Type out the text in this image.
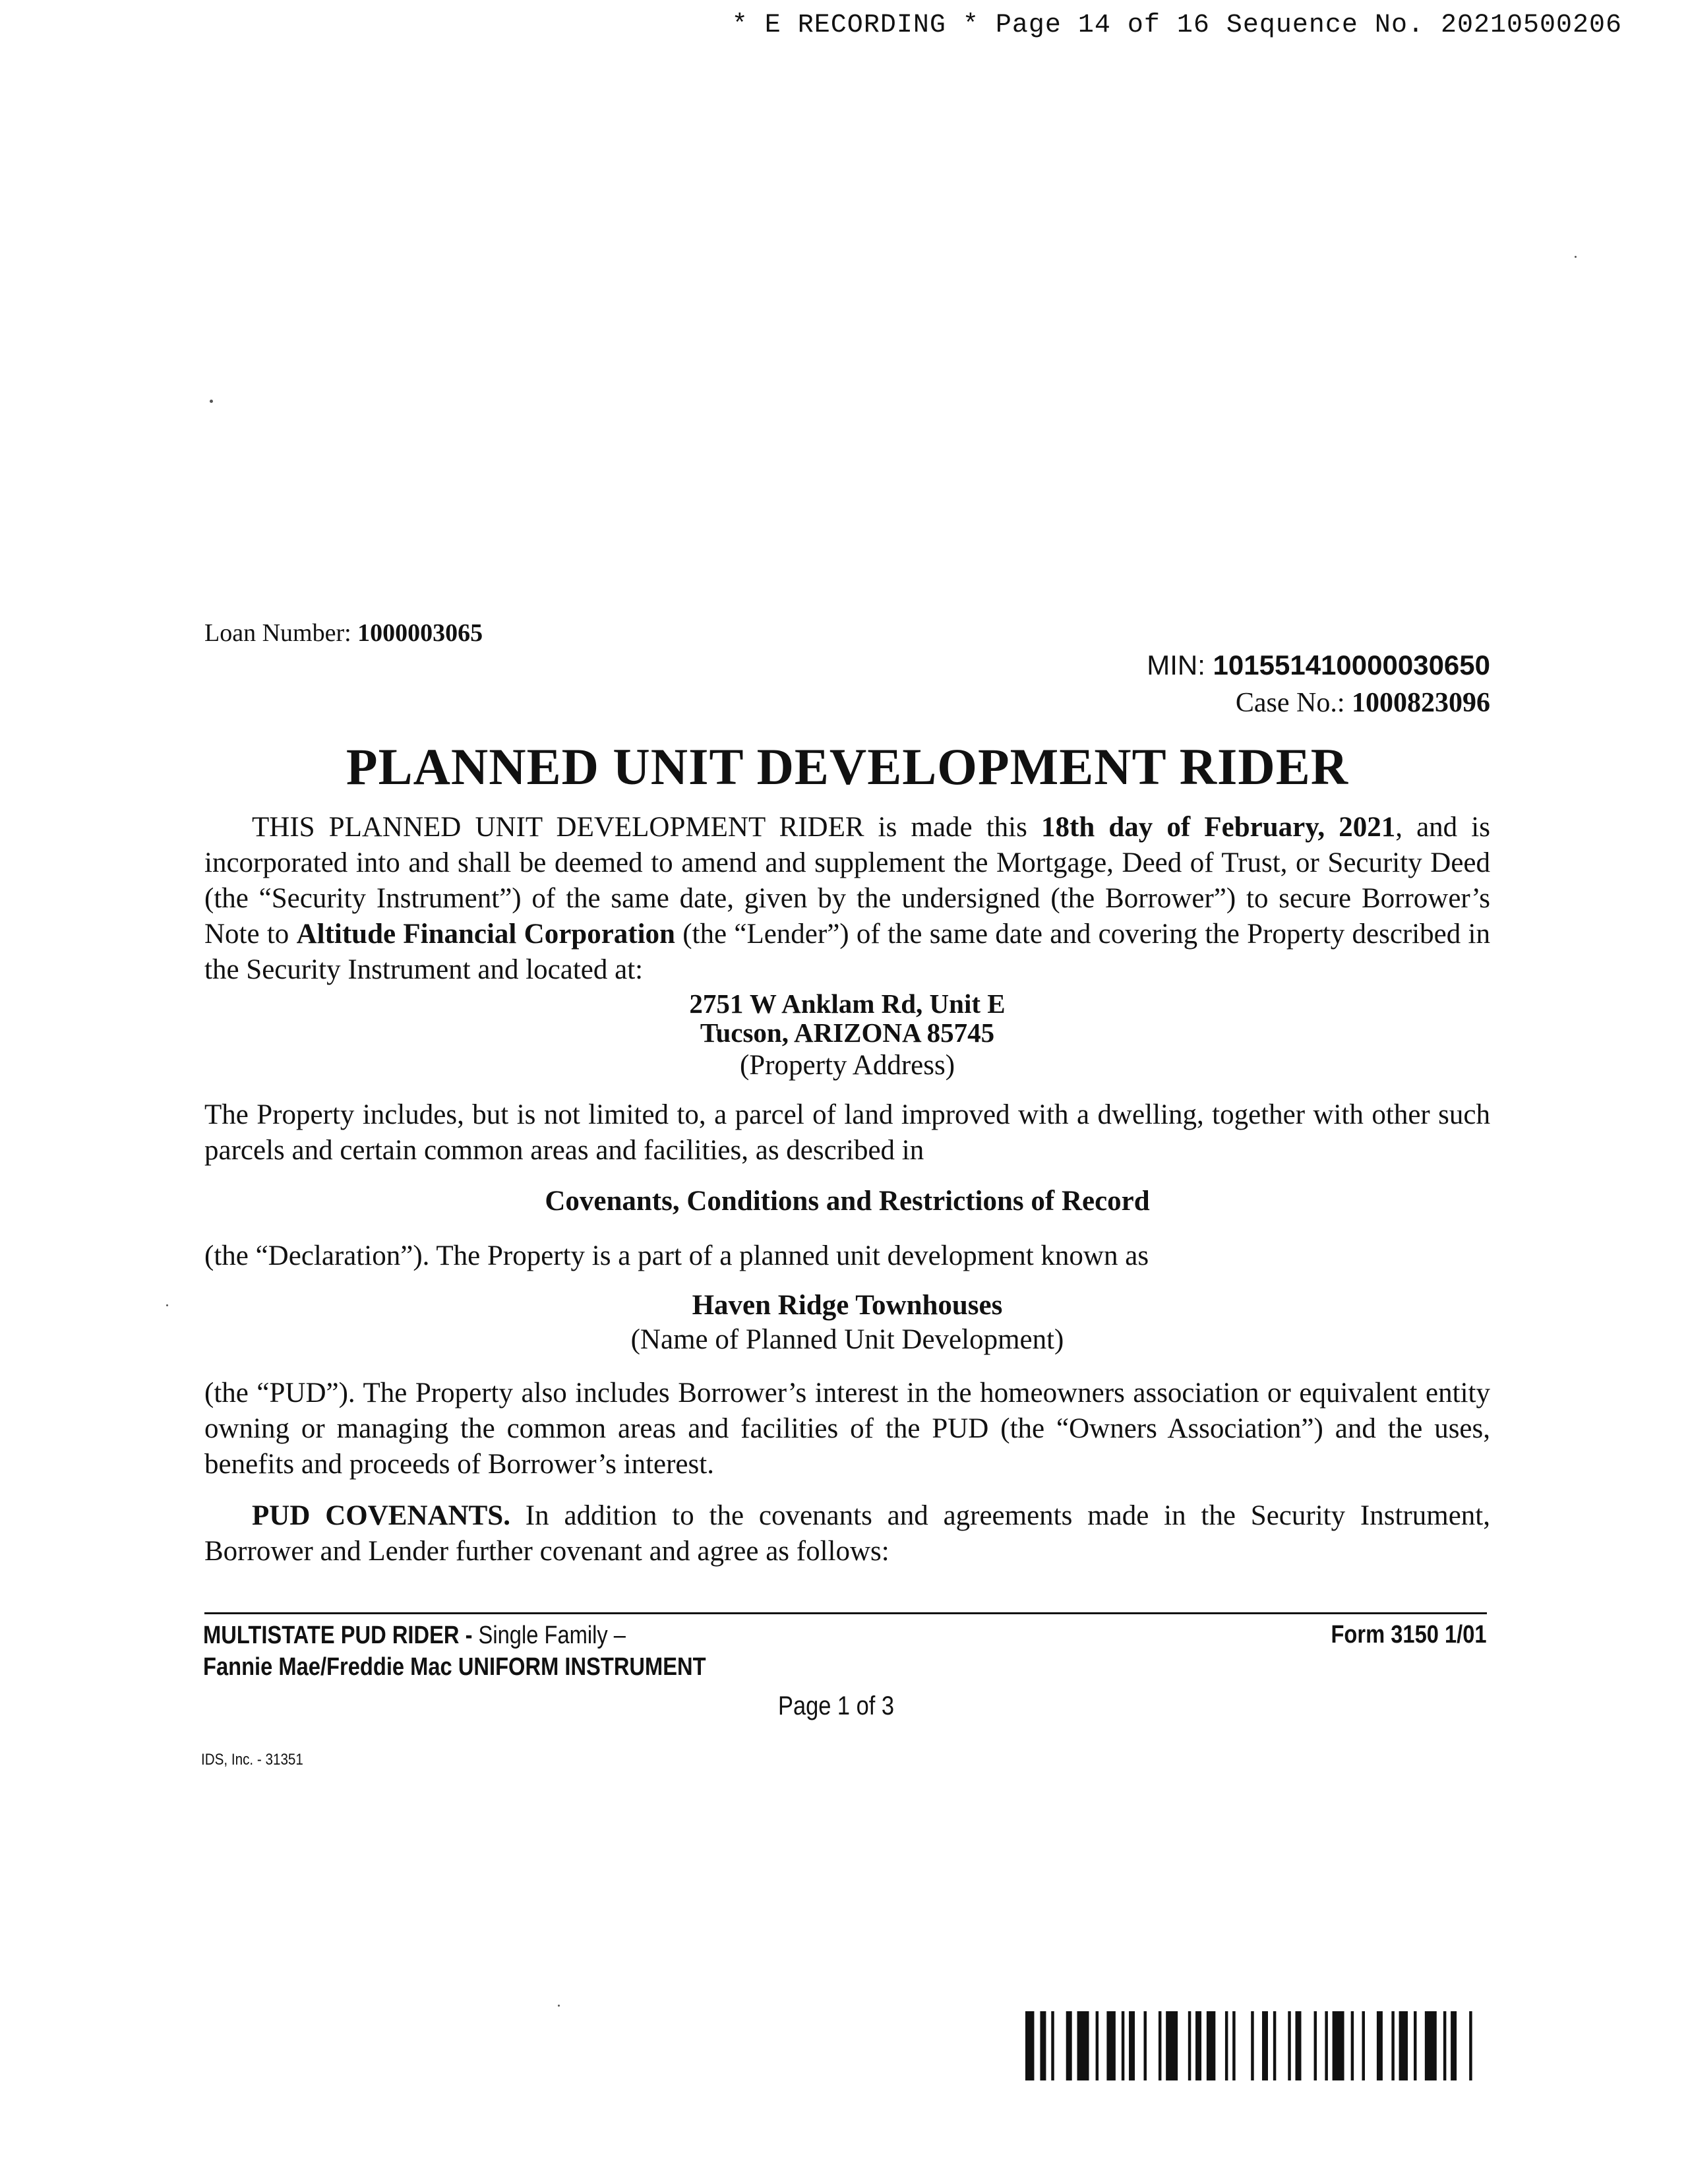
* E RECORDING * Page 14 of 16 Sequence No. 20210500206
Loan Number: 1000003065
MIN: 101551410000030650
Case No.: 1000823096
PLANNED UNIT DEVELOPMENT RIDER

THIS PLANNED UNIT DEVELOPMENT RIDER is made this 18th day of February, 2021, and is incorporated into and shall be deemed to amend and supplement the Mortgage, Deed of Trust, or Security Deed (the “Security Instrument”) of the same date, given by the undersigned (the Borrower”) to secure Borrower’s Note to Altitude Financial Corporation (the “Lender”) of the same date and covering the Property described in the Security Instrument and located at:

2751 W Anklam Rd, Unit E
Tucson, ARIZONA 85745
(Property Address)

The Property includes, but is not limited to, a parcel of land improved with a dwelling, together with other such parcels and certain common areas and facilities, as described in

Covenants, Conditions and Restrictions of Record

(the “Declaration”). The Property is a part of a planned unit development known as

Haven Ridge Townhouses
(Name of Planned Unit Development)

(the “PUD”). The Property also includes Borrower’s interest in the homeowners association or equivalent entity owning or managing the common areas and facilities of the PUD (the “Owners Association”) and the uses, benefits and proceeds of Borrower’s interest.

PUD COVENANTS. In addition to the covenants and agreements made in the Security Instrument, Borrower and Lender further covenant and agree as follows:

MULTISTATE PUD RIDER - Single Family –
Fannie Mae/Freddie Mac UNIFORM INSTRUMENT
Form 3150 1/01
Page 1 of 3
IDS, Inc. - 31351
